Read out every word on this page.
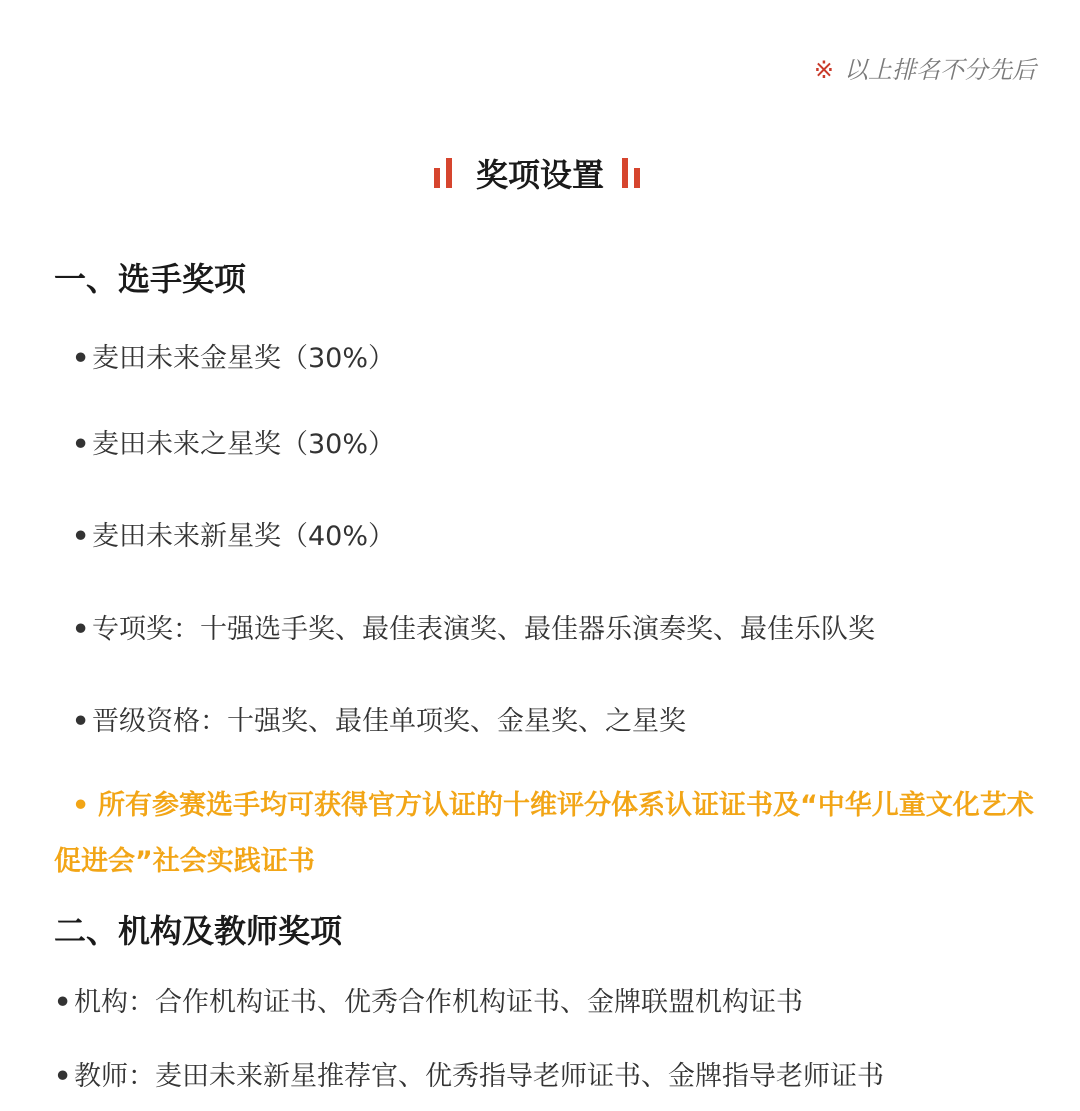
※ 以上排名不分先后
奖项设置
一、选手奖项
• 麦田未来金星奖（30%）
• 麦田未来之星奖（30%）
• 麦田未来新星奖（40%）
• 专项奖：十强选手奖、最佳表演奖、最佳器乐演奏奖、最佳乐队奖
• 晋级资格：十强奖、最佳单项奖、金星奖、之星奖
• 所有参赛选手均可获得官方认证的十维评分体系认证证书及“中华儿童文化艺术促进会”社会实践证书
二、机构及教师奖项
• 机构：合作机构证书、优秀合作机构证书、金牌联盟机构证书
• 教师：麦田未来新星推荐官、优秀指导老师证书、金牌指导老师证书
